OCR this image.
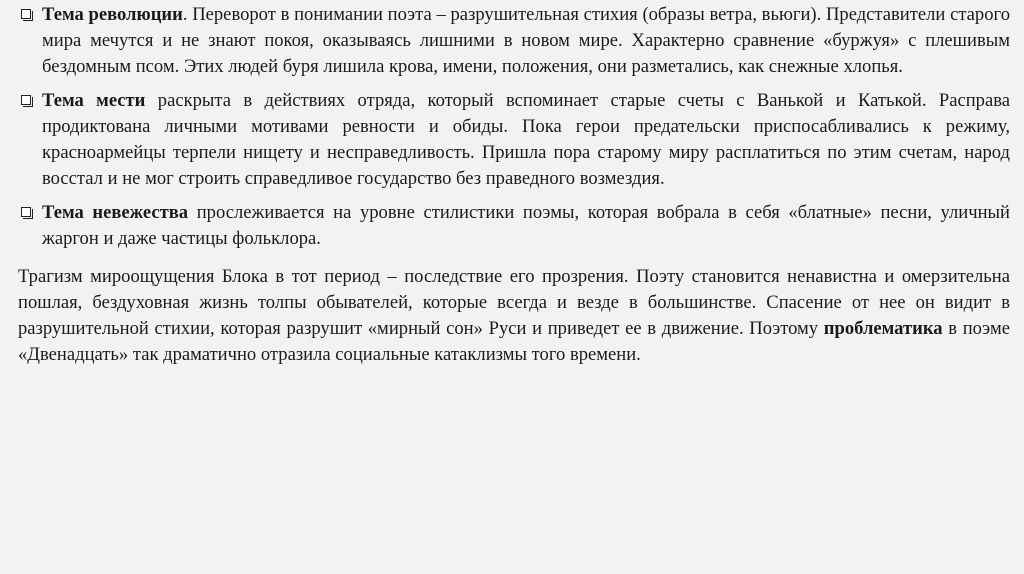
Тема революции. Переворот в понимании поэта – разрушительная стихия (образы ветра, вьюги). Представители старого мира мечутся и не знают покоя, оказываясь лишними в новом мире. Характерно сравнение «буржуя» с плешивым бездомным псом. Этих людей буря лишила крова, имени, положения, они разметались, как снежные хлопья.
Тема мести раскрыта в действиях отряда, который вспоминает старые счеты с Ванькой и Катькой. Расправа продиктована личными мотивами ревности и обиды. Пока герои предательски приспосабливались к режиму, красноармейцы терпели нищету и несправедливость. Пришла пора старому миру расплатиться по этим счетам, народ восстал и не мог строить справедливое государство без праведного возмездия.
Тема невежества прослеживается на уровне стилистики поэмы, которая вобрала в себя «блатные» песни, уличный жаргон и даже частицы фольклора.

Трагизм мироощущения Блока в тот период – последствие его прозрения. Поэту становится ненавистна и омерзительна пошлая, бездуховная жизнь толпы обывателей, которые всегда и везде в большинстве. Спасение от нее он видит в разрушительной стихии, которая разрушит «мирный сон» Руси и приведет ее в движение. Поэтому проблематика в поэме «Двенадцать» так драматично отразила социальные катаклизмы того времени.
